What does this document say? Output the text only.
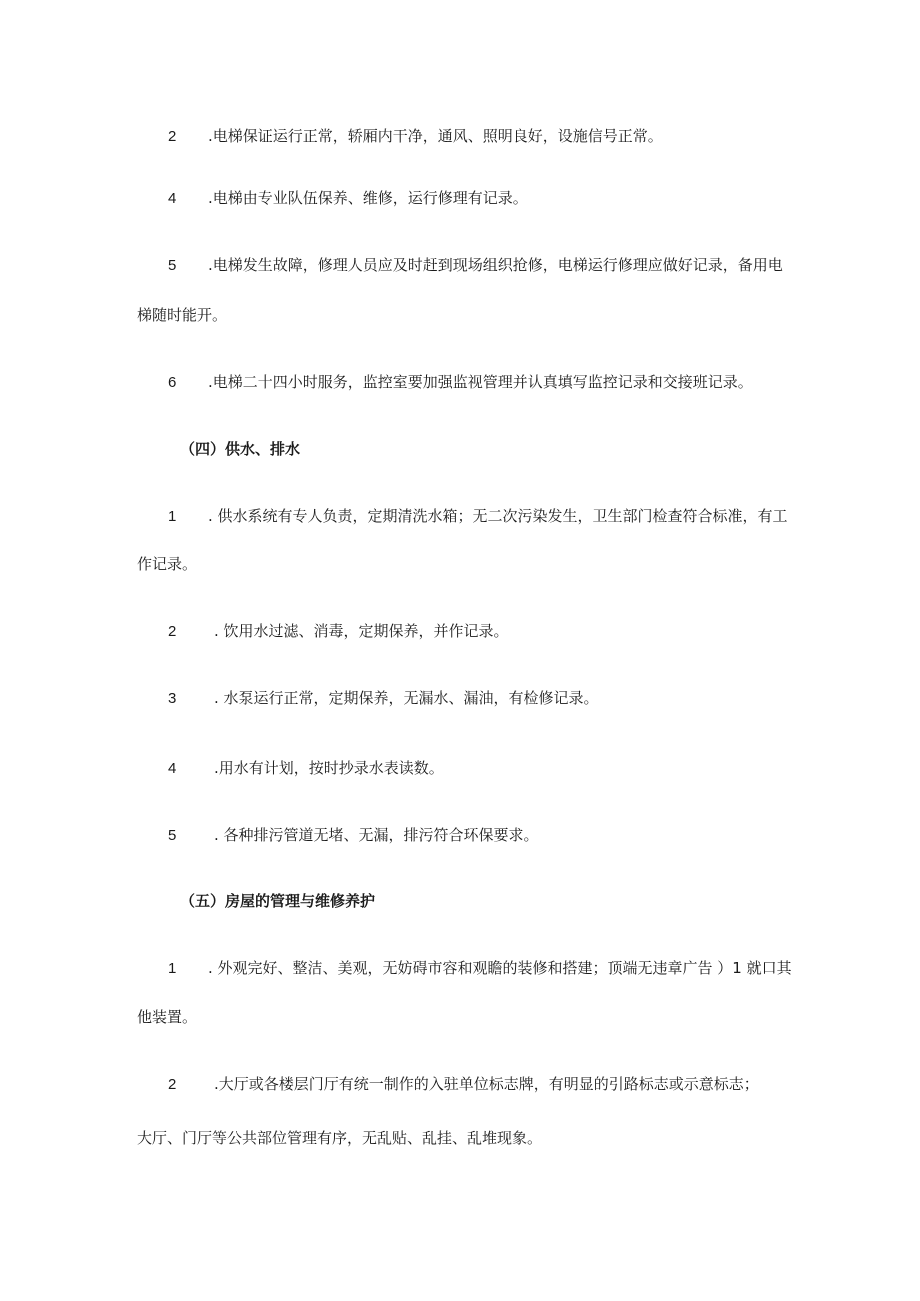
2 .电梯保证运行正常，轿厢内干净，通风、照明良好，设施信号正常。
4 .电梯由专业队伍保养、维修，运行修理有记录。
5 .电梯发生故障，修理人员应及时赶到现场组织抢修，电梯运行修理应做好记录，备用电
梯随时能开。
6 .电梯二十四小时服务，监控室要加强监视管理并认真填写监控记录和交接班记录。
（四）供水、排水
1 . 供水系统有专人负责，定期清洗水箱；无二次污染发生，卫生部门检查符合标准，有工
作记录。
2	. 饮用水过滤、消毒，定期保养，并作记录。
3	. 水泵运行正常，定期保养，无漏水、漏油，有检修记录。
4	.用水有计划，按时抄录水表读数。
5	. 各种排污管道无堵、无漏，排污符合环保要求。
（五）房屋的管理与维修养护
1 . 外观完好、整洁、美观，无妨碍市容和观瞻的装修和搭建；顶端无违章广告 ）1 就口其
他装置。
2	.大厅或各楼层门厅有统一制作的入驻单位标志牌，有明显的引路标志或示意标志；
大厅、门厅等公共部位管理有序，无乱贴、乱挂、乱堆现象。
